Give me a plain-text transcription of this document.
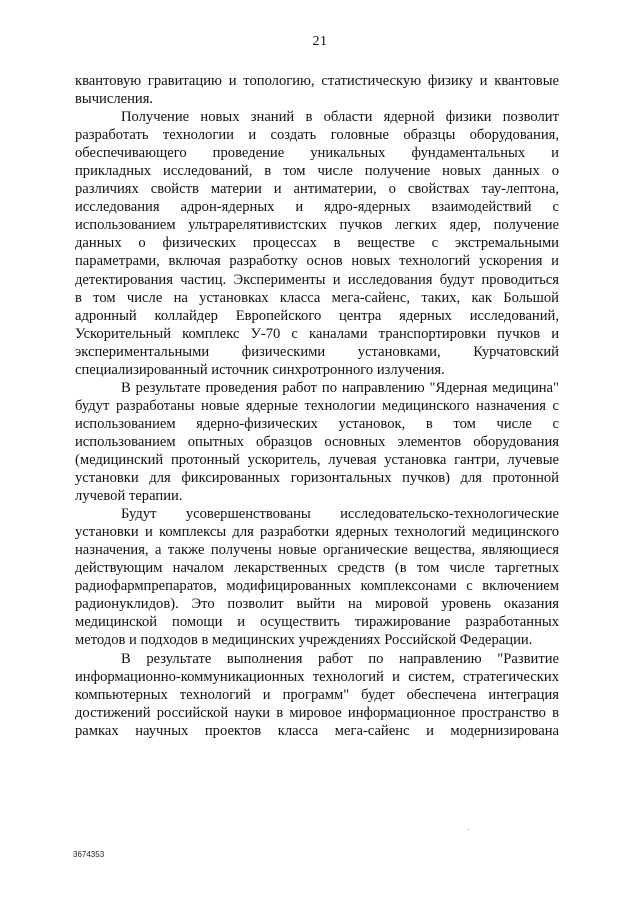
21

квантовую гравитацию и топологию, статистическую физику и квантовые
вычисления.

Получение новых знаний в области ядерной физики позволит
разработать технологии и создать головные образцы оборудования,
обеспечивающего проведение уникальных фундаментальных и
прикладных исследований, в том числе получение новых данных о
различиях свойств материи и антиматерии, о свойствах тау-лептона,
исследования адрон-ядерных и ядро-ядерных взаимодействий с
использованием ультрарелятивистских пучков легких ядер, получение
данных о физических процессах в веществе с экстремальными
параметрами, включая разработку основ новых технологий ускорения и
детектирования частиц. Эксперименты и исследования будут проводиться
в том числе на установках класса мега-сайенс, таких, как Большой
адронный коллайдер Европейского центра ядерных исследований,
Ускорительный комплекс У-70 с каналами транспортировки пучков и
экспериментальными физическими установками, Курчатовский
специализированный источник синхротронного излучения.

В результате проведения работ по направлению "Ядерная медицина"
будут разработаны новые ядерные технологии медицинского назначения с
использованием ядерно-физических установок, в том числе с
использованием опытных образцов основных элементов оборудования
(медицинский протонный ускоритель, лучевая установка гантри, лучевые
установки для фиксированных горизонтальных пучков) для протонной
лучевой терапии.

Будут усовершенствованы исследовательско-технологические
установки и комплексы для разработки ядерных технологий медицинского
назначения, а также получены новые органические вещества, являющиеся
действующим началом лекарственных средств (в том числе таргетных
радиофармпрепаратов, модифицированных комплексонами с включением
радионуклидов). Это позволит выйти на мировой уровень оказания
медицинской помощи и осуществить тиражирование разработанных
методов и подходов в медицинских учреждениях Российской Федерации.

В результате выполнения работ по направлению "Развитие
информационно-коммуникационных технологий и систем, стратегических
компьютерных технологий и программ" будет обеспечена интеграция
достижений российской науки в мировое информационное пространство в
рамках научных проектов класса мега-сайенс и модернизирована

3674353
